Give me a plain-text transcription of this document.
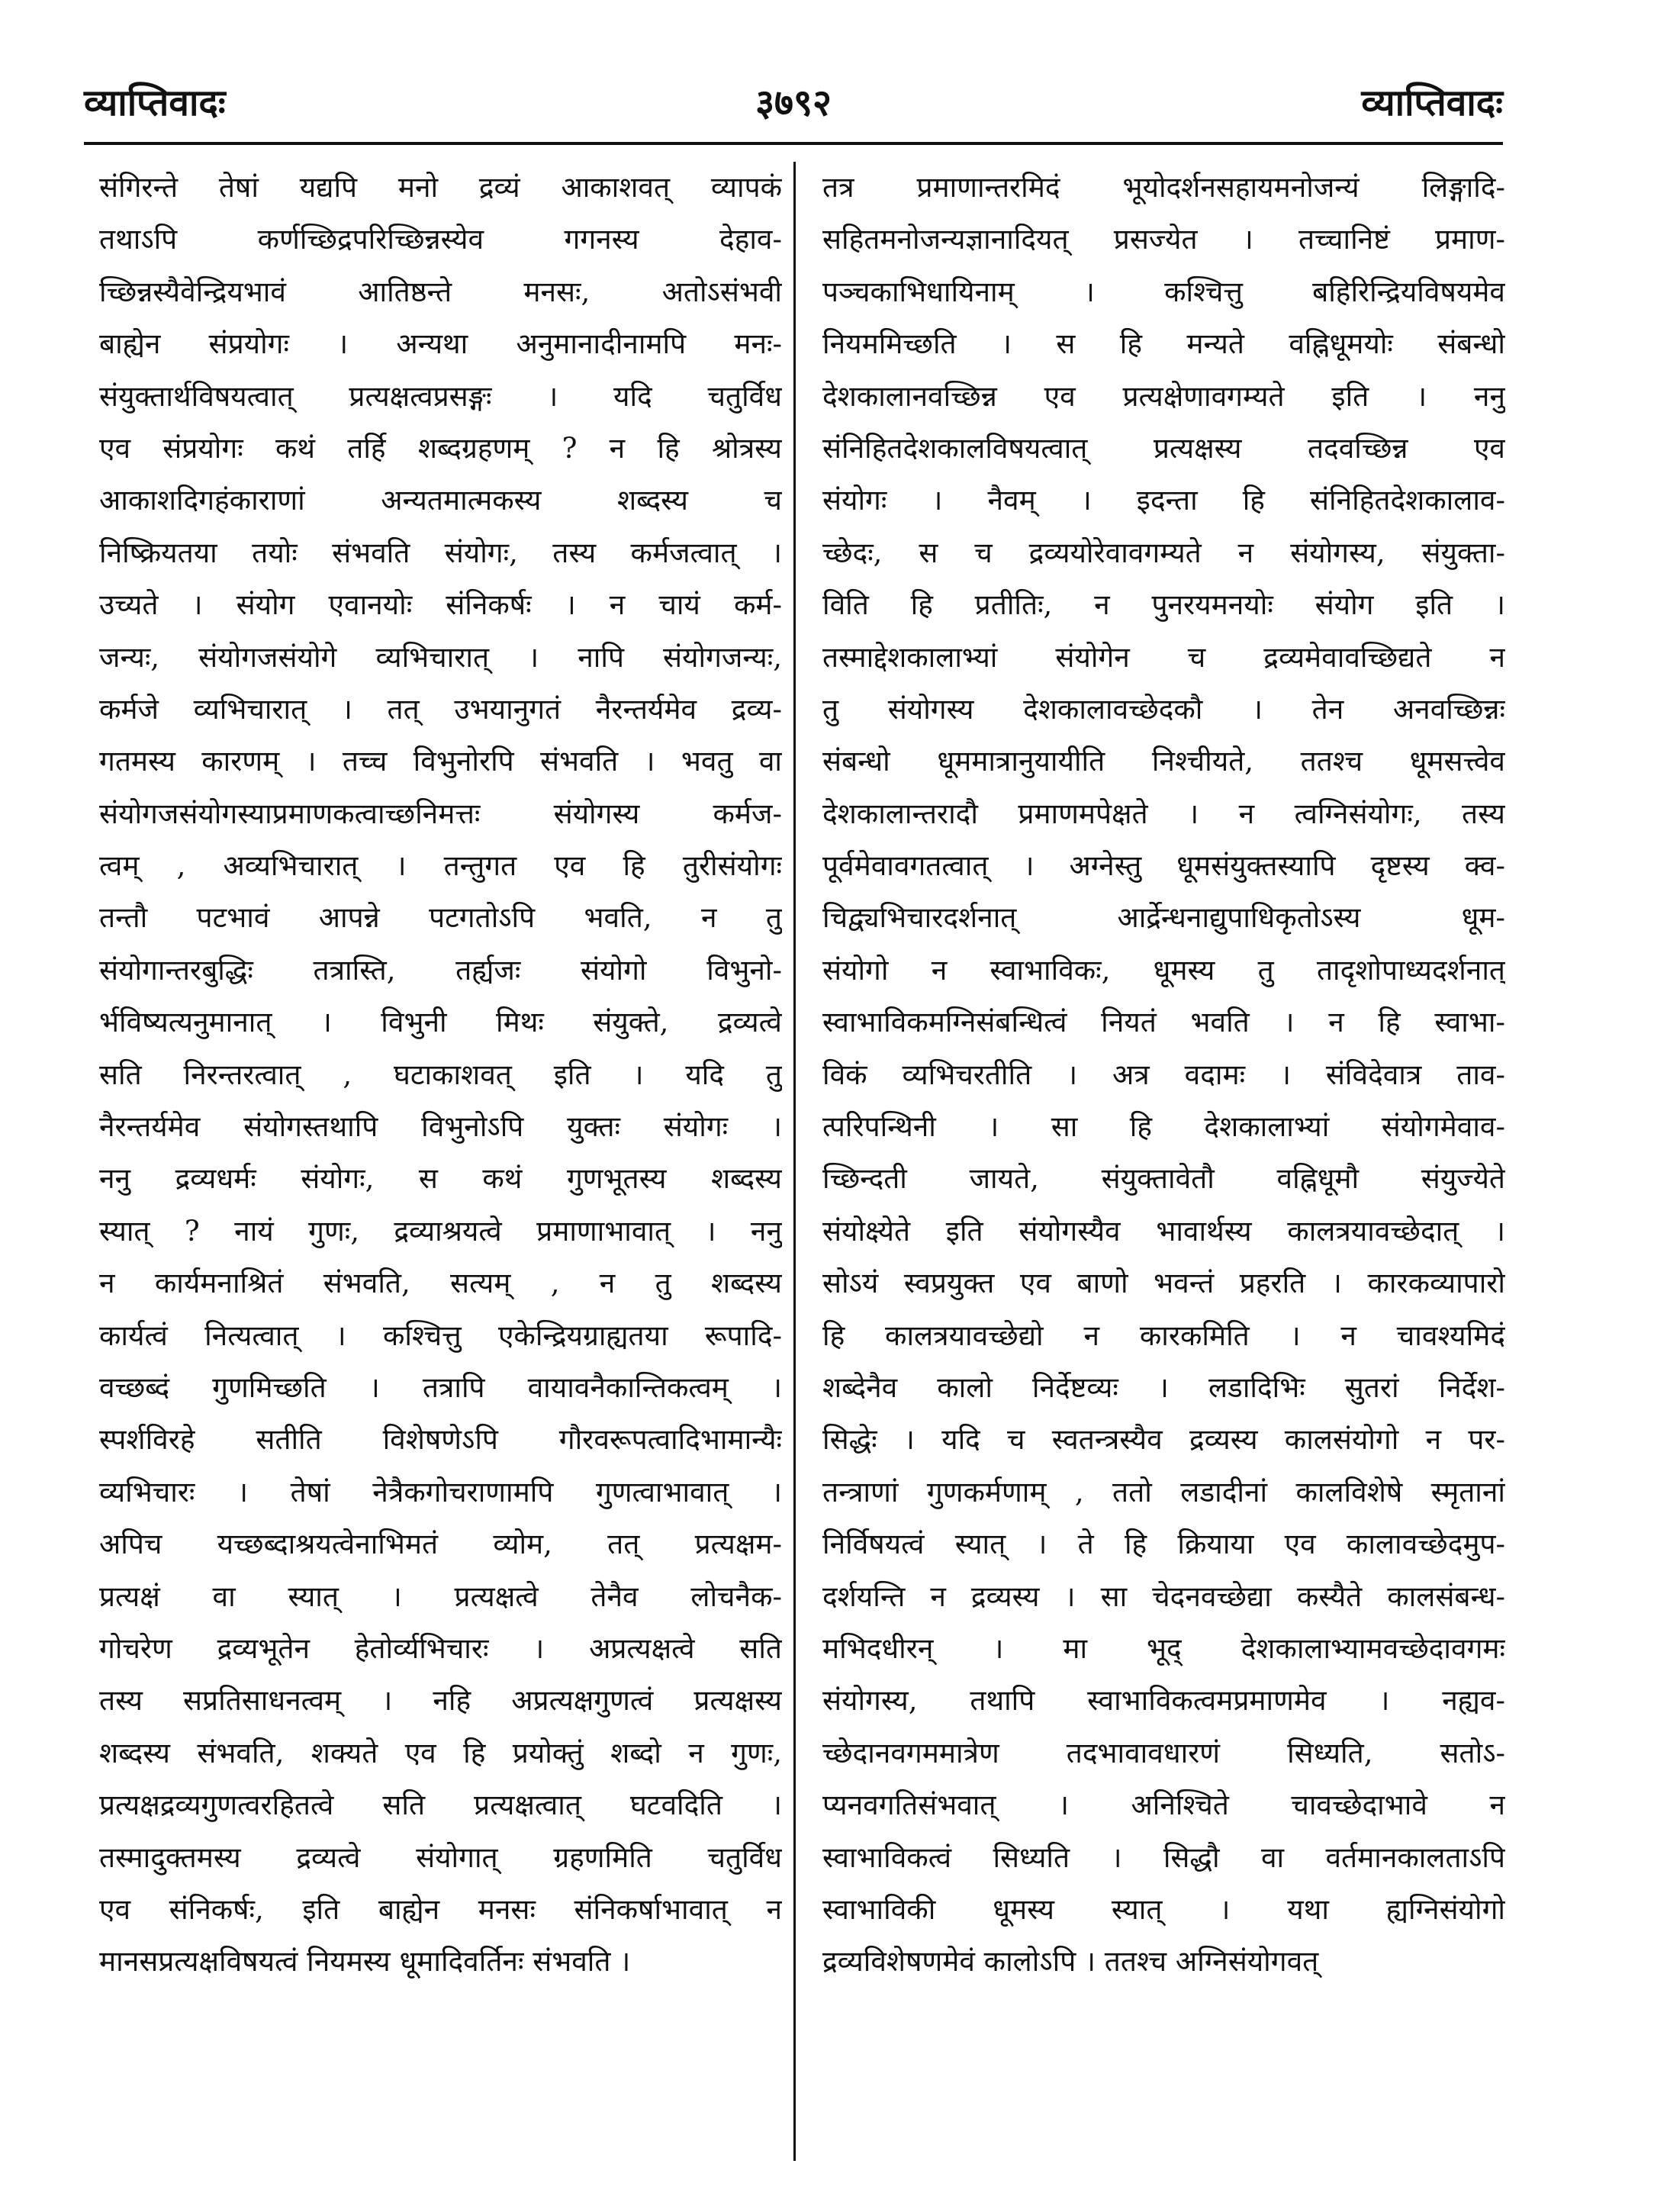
३७९२
व्याप्तिवादः	व्याप्तिवादः
संगिरन्ते तेषां यद्यपि मनो द्रव्यं आकाशवत् व्यापकं
तथाऽपि कर्णच्छिद्रपरिच्छिन्नस्येव गगनस्य देहाव-
च्छिन्नस्यैवेन्द्रियभावं आतिष्ठन्ते मनसः, अतोऽसंभवी
बाह्येन संप्रयोगः । अन्यथा अनुमानादीनामपि मनः-
संयुक्तार्थविषयत्वात् प्रत्यक्षत्वप्रसङ्गः । यदि चतुर्विध
एव संप्रयोगः कथं तर्हि शब्दग्रहणम् ? न हि श्रोत्रस्य
आकाशदिगहंकाराणां अन्यतमात्मकस्य शब्दस्य च
निष्क्रियतया तयोः संभवति संयोगः, तस्य कर्मजत्वात् ।
उच्यते । संयोग एवानयोः संनिकर्षः । न चायं कर्म-
जन्यः, संयोगजसंयोगे व्यभिचारात् । नापि संयोगजन्यः,
कर्मजे व्यभिचारात् । तत् उभयानुगतं नैरन्तर्यमेव द्रव्य-
गतमस्य कारणम् । तच्च विभुनोरपि संभवति । भवतु वा
संयोगजसंयोगस्याप्रमाणकत्वाच्छनिमत्तः संयोगस्य कर्मज-
त्वम् , अव्यभिचारात् । तन्तुगत एव हि तुरीसंयोगः
तन्तौ पटभावं आपन्ने पटगतोऽपि भवति, न तु
संयोगान्तरबुद्धिः तत्रास्ति, तर्ह्यजः संयोगो विभुनो-
र्भविष्यत्यनुमानात् । विभुनी मिथः संयुक्ते, द्रव्यत्वे
सति निरन्तरत्वात् , घटाकाशवत् इति । यदि तु
नैरन्तर्यमेव संयोगस्तथापि विभुनोऽपि युक्तः संयोगः ।
ननु द्रव्यधर्मः संयोगः, स कथं गुणभूतस्य शब्दस्य
स्यात् ? नायं गुणः, द्रव्याश्रयत्वे प्रमाणाभावात् । ननु
न कार्यमनाश्रितं संभवति, सत्यम् , न तु शब्दस्य
कार्यत्वं नित्यत्वात् । कश्चित्तु एकेन्द्रियग्राह्यतया रूपादि-
वच्छब्दं गुणमिच्छति । तत्रापि वायावनैकान्तिकत्वम् ।
स्पर्शविरहे सतीति विशेषणेऽपि गौरवरूपत्वादिभामान्यैः
व्यभिचारः । तेषां नेत्रैकगोचराणामपि गुणत्वाभावात् ।
अपिच यच्छब्दाश्रयत्वेनाभिमतं व्योम, तत् प्रत्यक्षम-
प्रत्यक्षं वा स्यात् । प्रत्यक्षत्वे तेनैव लोचनैक-
गोचरेण द्रव्यभूतेन हेतोर्व्यभिचारः । अप्रत्यक्षत्वे सति
तस्य सप्रतिसाधनत्वम् । नहि अप्रत्यक्षगुणत्वं प्रत्यक्षस्य
शब्दस्य संभवति, शक्यते एव हि प्रयोक्तुं शब्दो न गुणः,
प्रत्यक्षद्रव्यगुणत्वरहितत्वे सति प्रत्यक्षत्वात् घटवदिति ।
तस्मादुक्तमस्य द्रव्यत्वे संयोगात् ग्रहणमिति चतुर्विध
एव संनिकर्षः, इति बाह्येन मनसः संनिकर्षाभावात् न
मानसप्रत्यक्षविषयत्वं नियमस्य धूमादिवर्तिनः संभवति ।
तत्र प्रमाणान्तरमिदं भूयोदर्शनसहायमनोजन्यं लिङ्गादि-
सहितमनोजन्यज्ञानादियत् प्रसज्येत । तच्चानिष्टं प्रमाण-
पञ्चकाभिधायिनाम् । कश्चित्तु बहिरिन्द्रियविषयमेव
नियममिच्छति । स हि मन्यते वह्निधूमयोः संबन्धो
देशकालानवच्छिन्न एव प्रत्यक्षेणावगम्यते इति । ननु
संनिहितदेशकालविषयत्वात् प्रत्यक्षस्य तदवच्छिन्न एव
संयोगः । नैवम् । इदन्ता हि संनिहितदेशकालाव-
च्छेदः, स च द्रव्ययोरेवावगम्यते न संयोगस्य, संयुक्ता-
विति हि प्रतीतिः, न पुनरयमनयोः संयोग इति ।
तस्माद्देशकालाभ्यां संयोगेन च द्रव्यमेवावच्छिद्यते न
तु संयोगस्य देशकालावच्छेदकौ । तेन अनवच्छिन्नः
संबन्धो धूममात्रानुयायीति निश्चीयते, ततश्च धूमसत्त्वेव
देशकालान्तरादौ प्रमाणमपेक्षते । न त्वग्निसंयोगः, तस्य
पूर्वमेवावगतत्वात् । अग्नेस्तु धूमसंयुक्तस्यापि दृष्टस्य क्व-
चिद्व्यभिचारदर्शनात् आर्द्रेन्धनाद्युपाधिकृतोऽस्य धूम-
संयोगो न स्वाभाविकः, धूमस्य तु तादृशोपाध्यदर्शनात्
स्वाभाविकमग्निसंबन्धित्वं नियतं भवति । न हि स्वाभा-
विकं व्यभिचरतीति । अत्र वदामः । संविदेवात्र ताव-
त्परिपन्थिनी । सा हि देशकालाभ्यां संयोगमेवाव-
च्छिन्दती जायते, संयुक्तावेतौ वह्निधूमौ संयुज्येते
संयोक्ष्येते इति संयोगस्यैव भावार्थस्य कालत्रयावच्छेदात् ।
सोऽयं स्वप्रयुक्त एव बाणो भवन्तं प्रहरति । कारकव्यापारो
हि कालत्रयावच्छेद्यो न कारकमिति । न चावश्यमिदं
शब्देनैव कालो निर्देष्टव्यः । लडादिभिः सुतरां निर्देश-
सिद्धेः । यदि च स्वतन्त्रस्यैव द्रव्यस्य कालसंयोगो न पर-
तन्त्राणां गुणकर्मणाम् , ततो लडादीनां कालविशेषे स्मृतानां
निर्विषयत्वं स्यात् । ते हि क्रियाया एव कालावच्छेदमुप-
दर्शयन्ति न द्रव्यस्य । सा चेदनवच्छेद्या कस्यैते कालसंबन्ध-
मभिदधीरन् । मा भूद् देशकालाभ्यामवच्छेदावगमः
संयोगस्य, तथापि स्वाभाविकत्वमप्रमाणमेव । नह्यव-
च्छेदानवगममात्रेण तदभावावधारणं सिध्यति, सतोऽ-
प्यनवगतिसंभवात् । अनिश्चिते चावच्छेदाभावे न
स्वाभाविकत्वं सिध्यति । सिद्धौ वा वर्तमानकालताऽपि
स्वाभाविकी धूमस्य स्यात् । यथा ह्यग्निसंयोगो
द्रव्यविशेषणमेवं कालोऽपि । ततश्च अग्निसंयोगवत्
